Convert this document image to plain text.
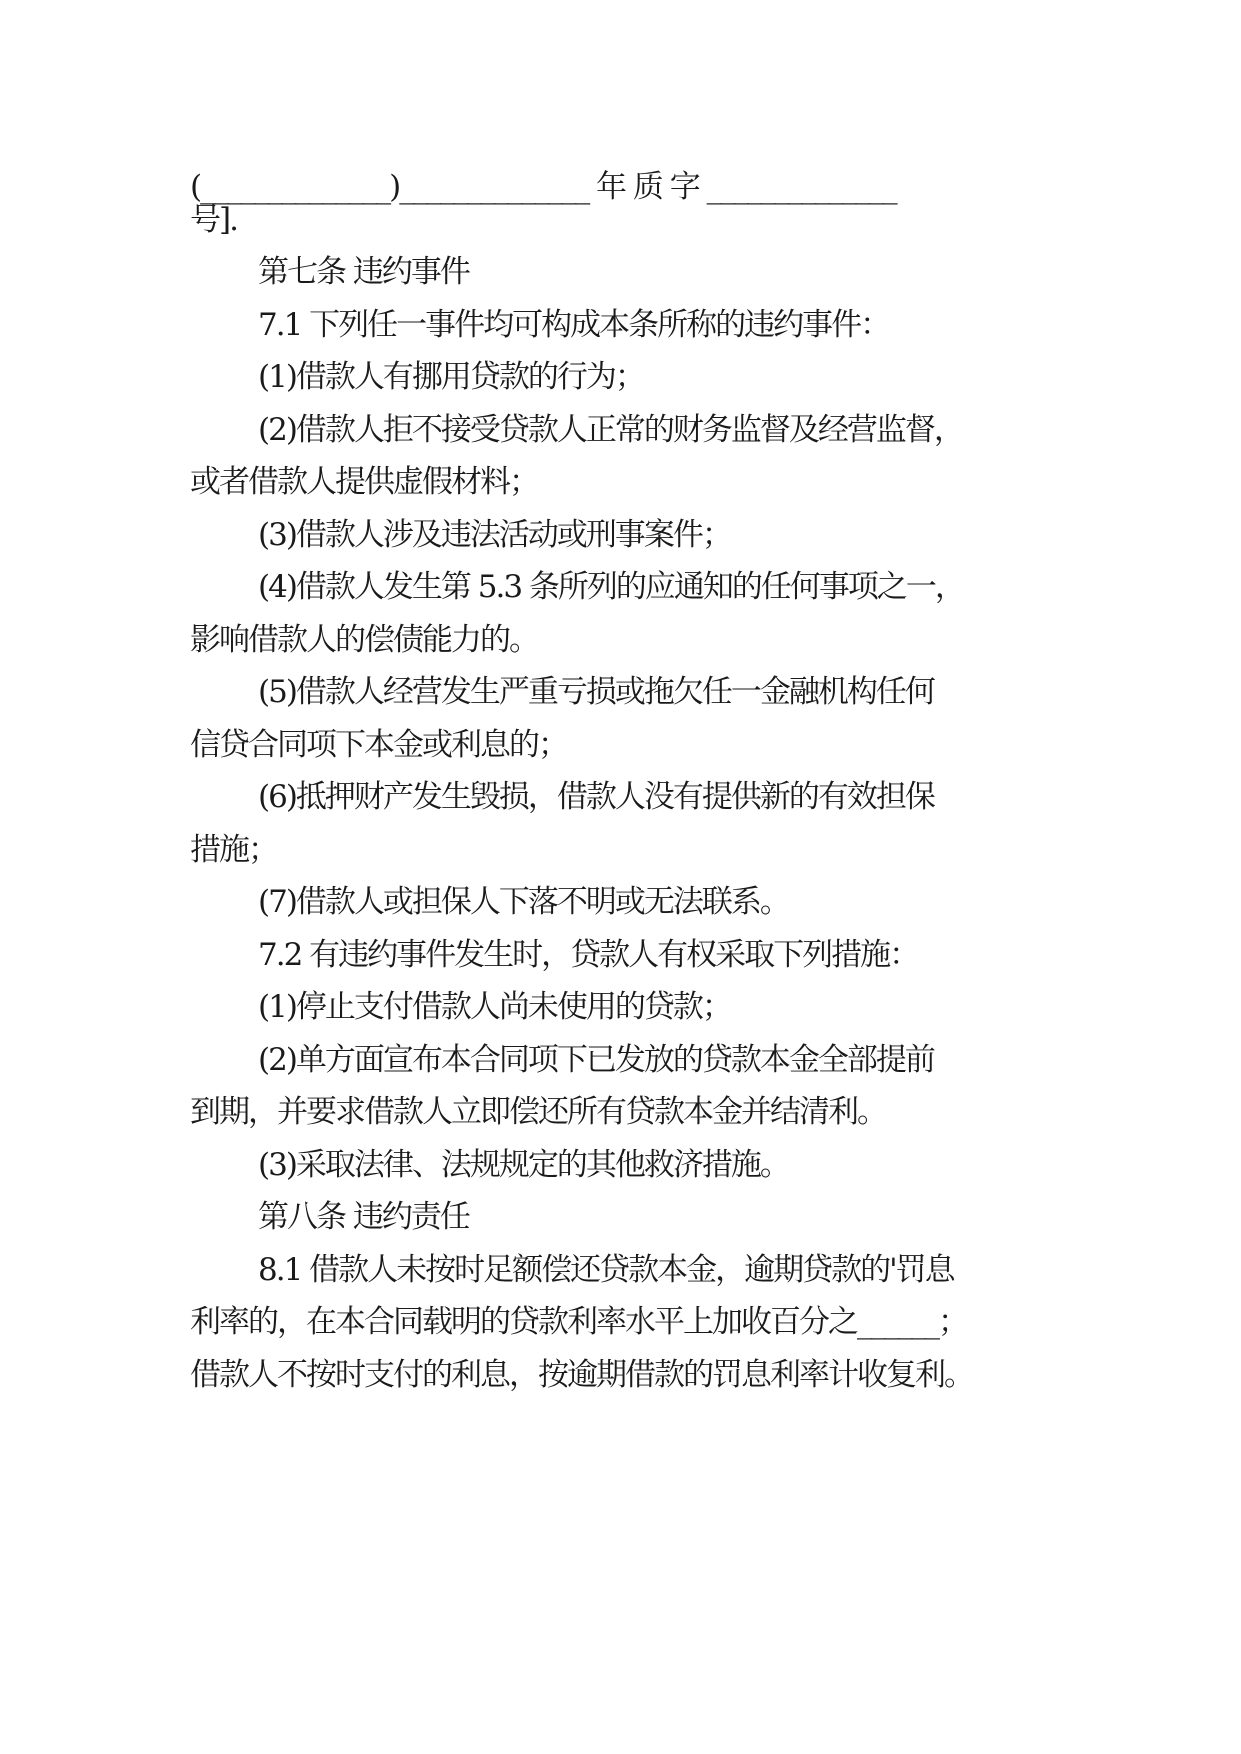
(______________)______________ 年 质 字 ______________

号].

第七条 违约事件

7.1 下列任一事件均可构成本条所称的违约事件：

(1)借款人有挪用贷款的行为；

(2)借款人拒不接受贷款人正常的财务监督及经营监督，

或者借款人提供虚假材料；

(3)借款人涉及违法活动或刑事案件；

(4)借款人发生第 5.3 条所列的应通知的任何事项之一，

影响借款人的偿债能力的。

(5)借款人经营发生严重亏损或拖欠任一金融机构任何

信贷合同项下本金或利息的；

(6)抵押财产发生毁损，借款人没有提供新的有效担保

措施；

(7)借款人或担保人下落不明或无法联系。

7.2 有违约事件发生时，贷款人有权采取下列措施：

(1)停止支付借款人尚未使用的贷款；

(2)单方面宣布本合同项下已发放的贷款本金全部提前

到期，并要求借款人立即偿还所有贷款本金并结清利。

(3)采取法律、法规规定的其他救济措施。

第八条 违约责任

8.1 借款人未按时足额偿还贷款本金，逾期贷款的'罚息

利率的，在本合同载明的贷款利率水平上加收百分之______；

借款人不按时支付的利息，按逾期借款的罚息利率计收复利。
